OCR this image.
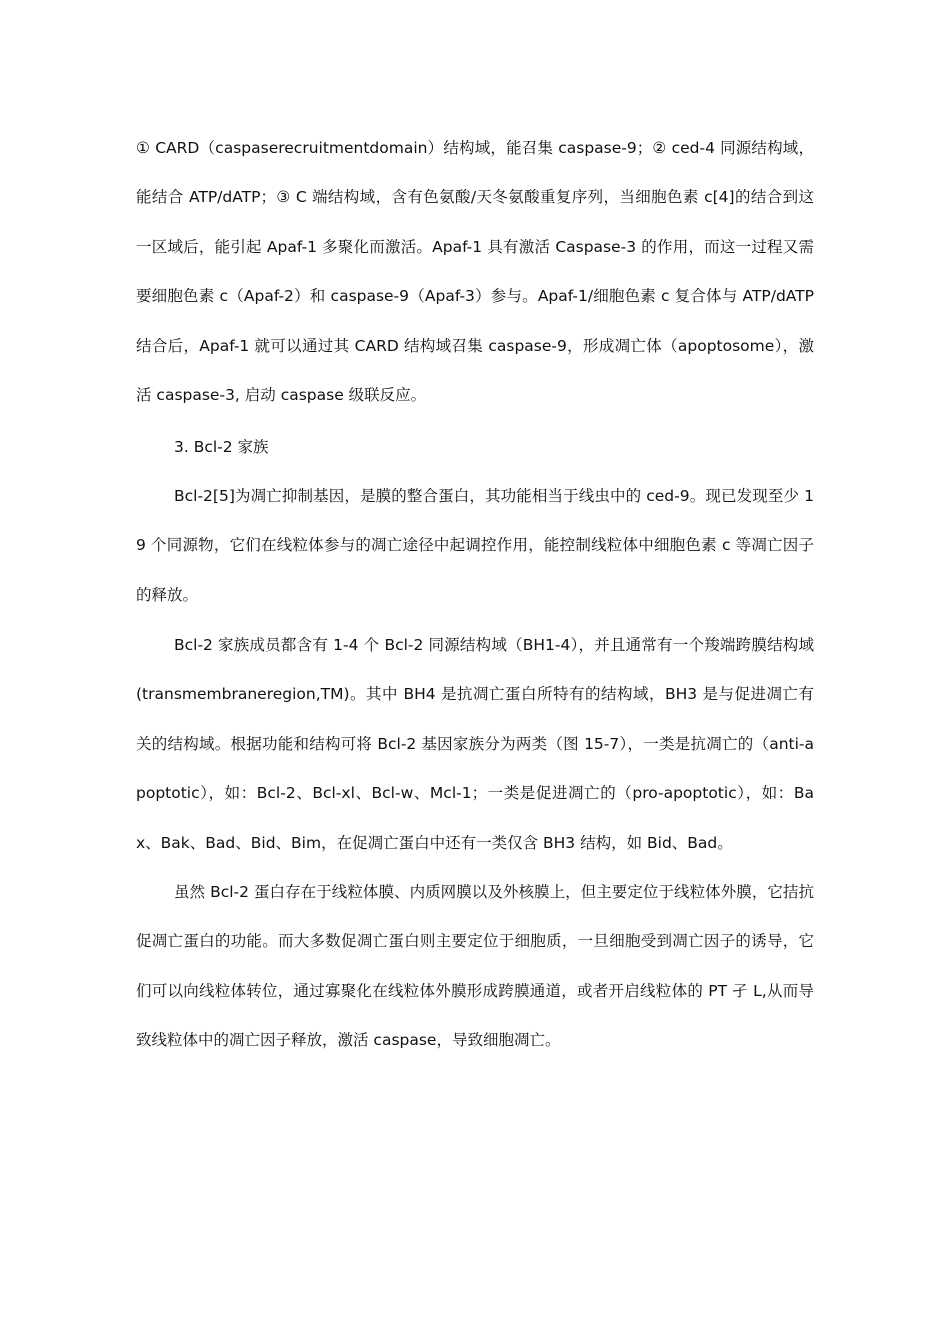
① CARD（caspaserecruitmentdomain）结构域，能召集 caspase-9；② ced-4 同源结构域，能结合 ATP/dATP；③ C 端结构域，含有色氨酸/天冬氨酸重复序列，当细胞色素 c[4]的结合到这一区域后，能引起 Apaf-1 多聚化而激活。Apaf-1 具有激活 Caspase-3 的作用，而这一过程又需要细胞色素 c（Apaf-2）和 caspase-9（Apaf-3）参与。Apaf-1/细胞色素 c 复合体与 ATP/dATP 结合后，Apaf-1 就可以通过其 CARD 结构域召集 caspase-9，形成凋亡体（apoptosome），激活 caspase-3, 启动 caspase 级联反应。

3. Bcl-2 家族

Bcl-2[5]为凋亡抑制基因，是膜的整合蛋白，其功能相当于线虫中的 ced-9。现已发现至少 19 个同源物，它们在线粒体参与的凋亡途径中起调控作用，能控制线粒体中细胞色素 c 等凋亡因子的释放。

Bcl-2 家族成员都含有 1-4 个 Bcl-2 同源结构域（BH1-4），并且通常有一个羧端跨膜结构域(transmembraneregion,TM)。其中 BH4 是抗凋亡蛋白所特有的结构域，BH3 是与促进凋亡有关的结构域。根据功能和结构可将 Bcl-2 基因家族分为两类（图 15-7），一类是抗凋亡的（anti-apoptotic），如：Bcl-2、Bcl-xl、Bcl-w、Mcl-1；一类是促进凋亡的（pro-apoptotic），如：Bax、Bak、Bad、Bid、Bim，在促凋亡蛋白中还有一类仅含 BH3 结构，如 Bid、Bad。

虽然 Bcl-2 蛋白存在于线粒体膜、内质网膜以及外核膜上，但主要定位于线粒体外膜，它拮抗促凋亡蛋白的功能。而大多数促凋亡蛋白则主要定位于细胞质，一旦细胞受到凋亡因子的诱导，它们可以向线粒体转位，通过寡聚化在线粒体外膜形成跨膜通道，或者开启线粒体的 PT 孑 L,从而导致线粒体中的凋亡因子释放，激活 caspase，导致细胞凋亡。
